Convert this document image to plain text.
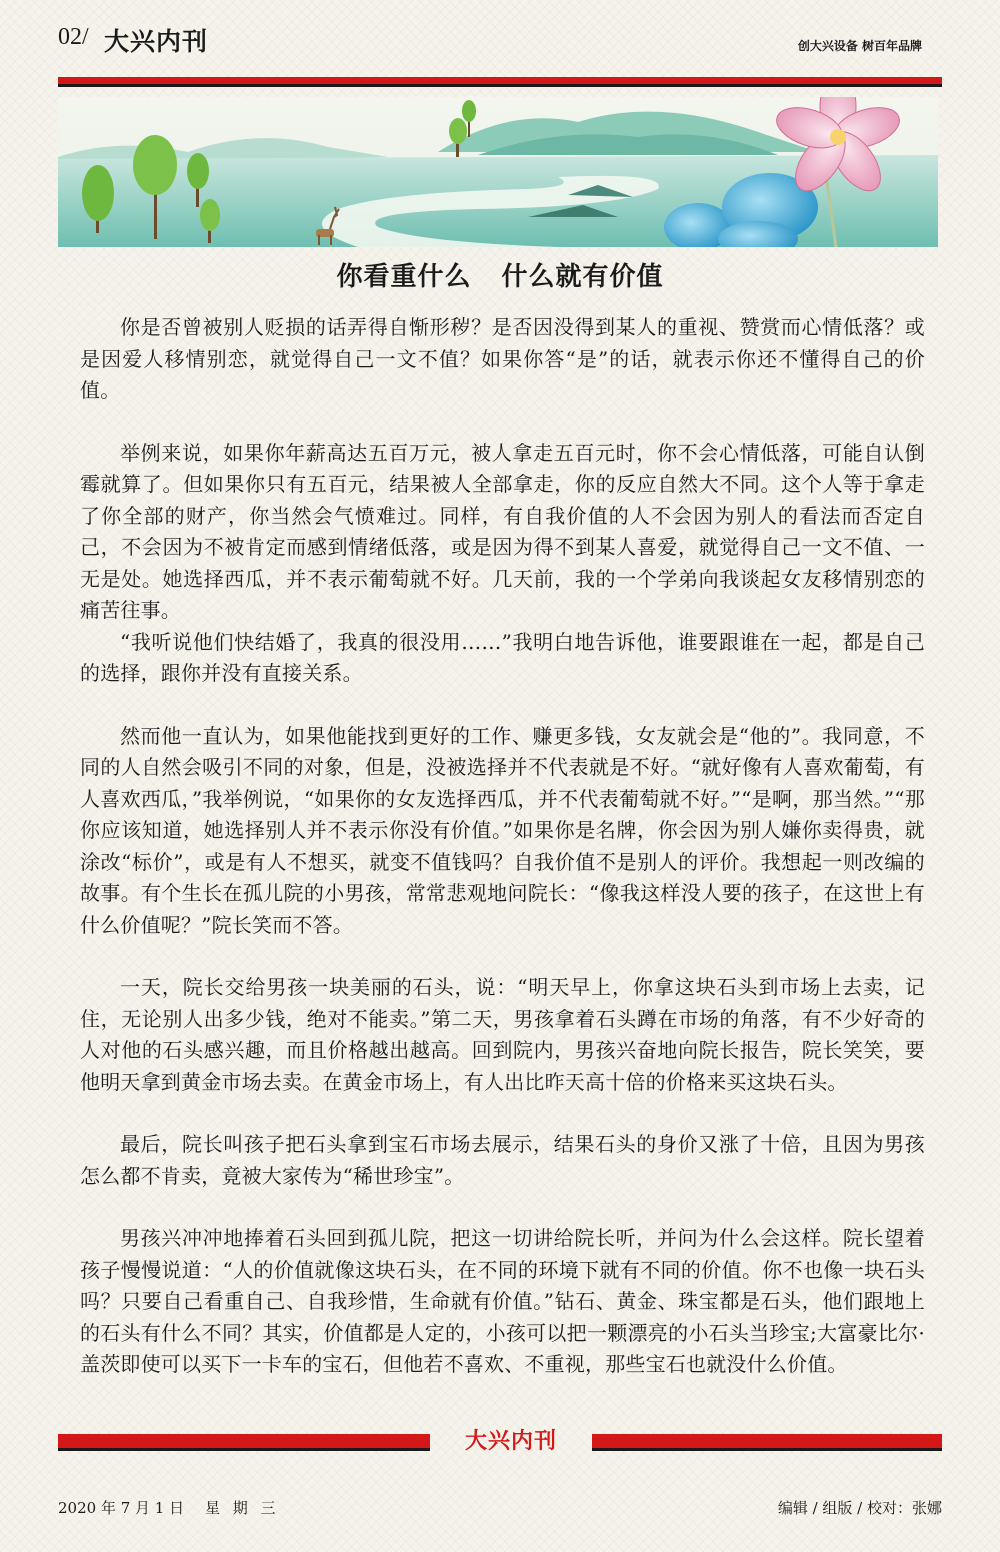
02/ 大兴内刊	创大兴设备 树百年品牌
你看重什么 什么就有价值

你是否曾被别人贬损的话弄得自惭形秽？是否因没得到某人的重视、赞赏而心情低落？或是因爱人移情别恋，就觉得自己一文不值？如果你答“是”的话，就表示你还不懂得自己的价值。

举例来说，如果你年薪高达五百万元，被人拿走五百元时，你不会心情低落，可能自认倒霉就算了。但如果你只有五百元，结果被人全部拿走，你的反应自然大不同。这个人等于拿走了你全部的财产，你当然会气愤难过。同样，有自我价值的人不会因为别人的看法而否定自己，不会因为不被肯定而感到情绪低落，或是因为得不到某人喜爱，就觉得自己一文不值、一无是处。她选择西瓜，并不表示葡萄就不好。几天前，我的一个学弟向我谈起女友移情别恋的痛苦往事。

“我听说他们快结婚了，我真的很没用……”我明白地告诉他，谁要跟谁在一起，都是自己的选择，跟你并没有直接关系。

然而他一直认为，如果他能找到更好的工作、赚更多钱，女友就会是“他的”。我同意，不同的人自然会吸引不同的对象，但是，没被选择并不代表就是不好。“就好像有人喜欢葡萄，有人喜欢西瓜，”我举例说，“如果你的女友选择西瓜，并不代表葡萄就不好。”“是啊，那当然。”“那你应该知道，她选择别人并不表示你没有价值。”如果你是名牌，你会因为别人嫌你卖得贵，就涂改“标价”，或是有人不想买，就变不值钱吗？自我价值不是别人的评价。我想起一则改编的故事。有个生长在孤儿院的小男孩，常常悲观地问院长：“像我这样没人要的孩子，在这世上有什么价值呢？”院长笑而不答。

一天，院长交给男孩一块美丽的石头，说：“明天早上，你拿这块石头到市场上去卖，记住，无论别人出多少钱，绝对不能卖。”第二天，男孩拿着石头蹲在市场的角落，有不少好奇的人对他的石头感兴趣，而且价格越出越高。回到院内，男孩兴奋地向院长报告，院长笑笑，要他明天拿到黄金市场去卖。在黄金市场上，有人出比昨天高十倍的价格来买这块石头。

最后，院长叫孩子把石头拿到宝石市场去展示，结果石头的身价又涨了十倍，且因为男孩怎么都不肯卖，竟被大家传为“稀世珍宝”。

男孩兴冲冲地捧着石头回到孤儿院，把这一切讲给院长听，并问为什么会这样。院长望着孩子慢慢说道：“人的价值就像这块石头，在不同的环境下就有不同的价值。你不也像一块石头吗？只要自己看重自己、自我珍惜，生命就有价值。”钻石、黄金、珠宝都是石头，他们跟地上的石头有什么不同？其实，价值都是人定的，小孩可以把一颗漂亮的小石头当珍宝;大富豪比尔·盖茨即使可以买下一卡车的宝石，但他若不喜欢、不重视，那些宝石也就没什么价值。

大兴内刊
2020 年 7 月 1 日 星 期 三	编辑 / 组版 / 校对：张娜
